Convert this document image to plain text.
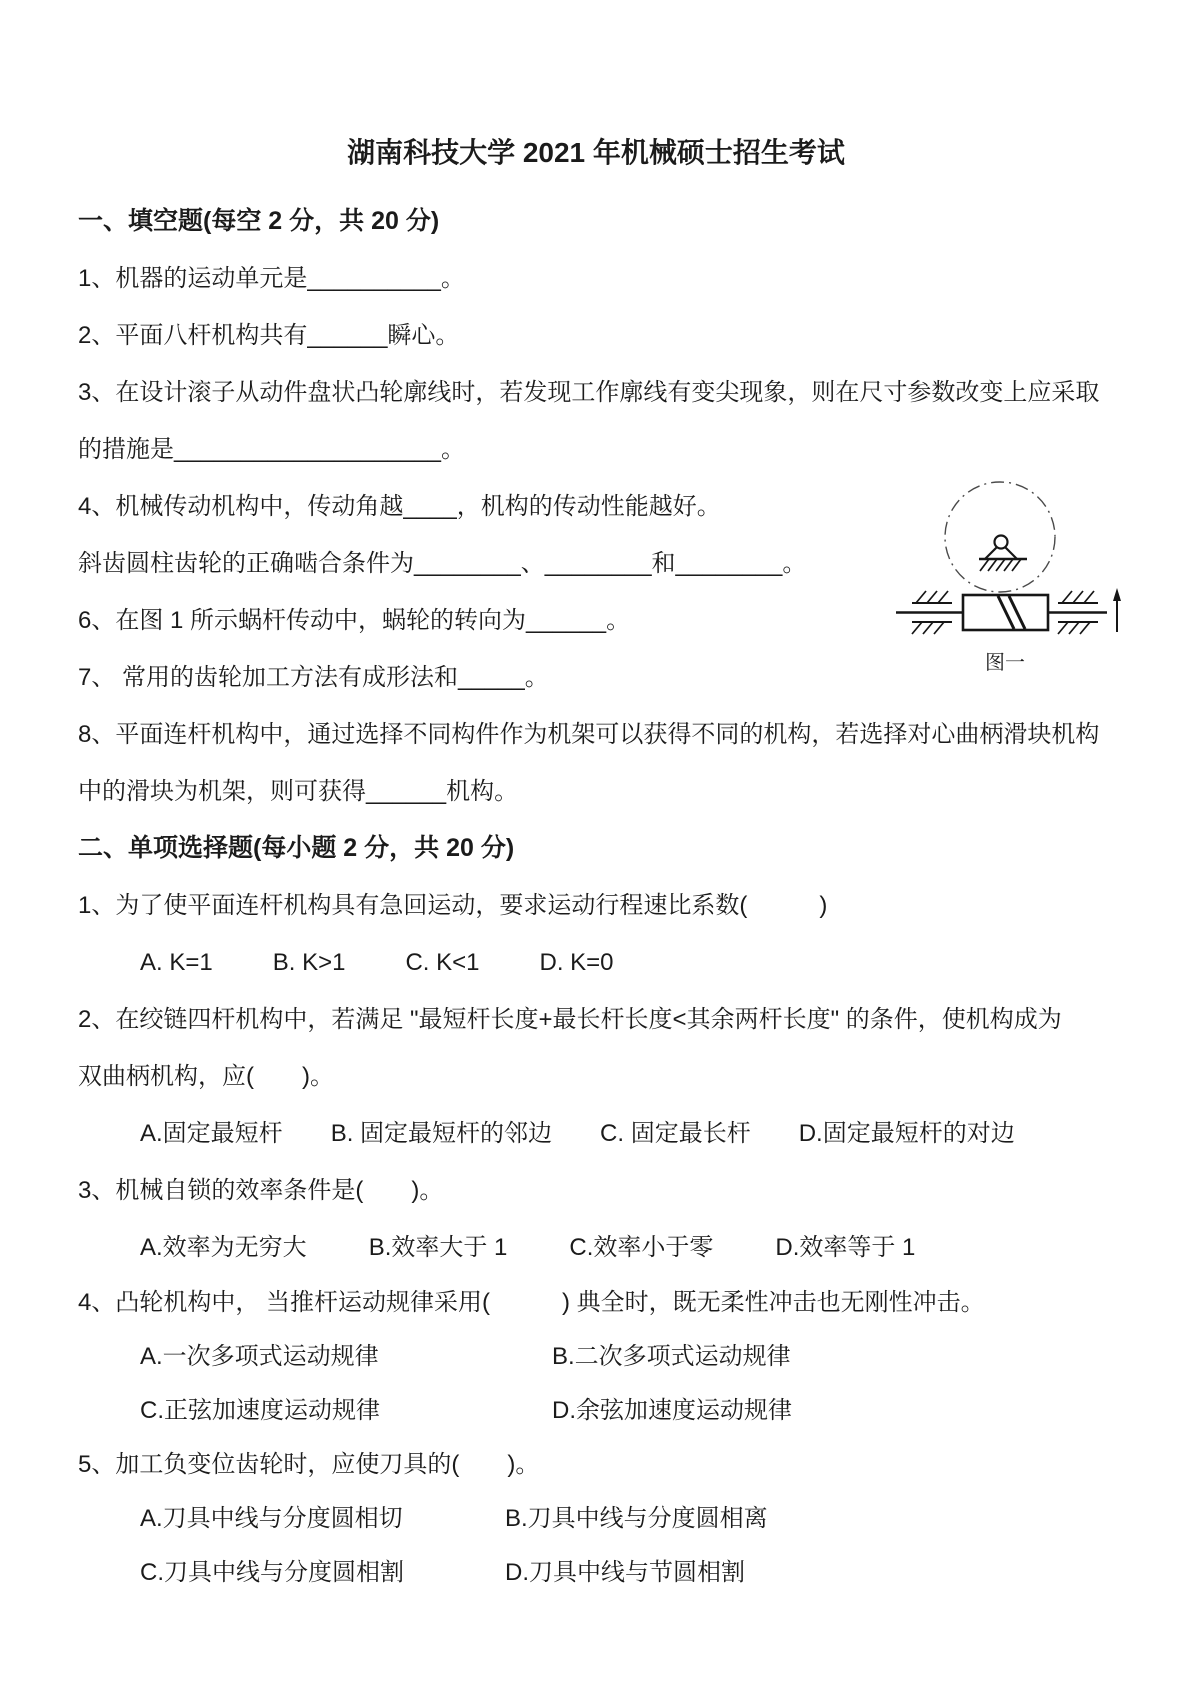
湖南科技大学 2021 年机械硕士招生考试
一、填空题(每空 2 分，共 20 分)
1、机器的运动单元是__________。
2、平面八杆机构共有______瞬心。
3、在设计滚子从动件盘状凸轮廓线时，若发现工作廓线有变尖现象，则在尺寸参数改变上应采取
的措施是____________________。
4、机械传动机构中，传动角越____，机构的传动性能越好。
斜齿圆柱齿轮的正确啮合条件为________、________和________。
6、在图 1 所示蜗杆传动中，蜗轮的转向为______。
7、 常用的齿轮加工方法有成形法和_____。
8、平面连杆机构中，通过选择不同构件作为机架可以获得不同的机构，若选择对心曲柄滑块机构
中的滑块为机架，则可获得______机构。
二、单项选择题(每小题 2 分，共 20 分)
1、为了使平面连杆机构具有急回运动，要求运动行程速比系数(　　　)
A. K=1	B. K>1	C. K<1	D. K=0
2、在绞链四杆机构中，若满足 "最短杆长度+最长杆长度<其余两杆长度" 的条件，使机构成为
双曲柄机构，应(　　)。
A.固定最短杆 B. 固定最短杆的邻边 C. 固定最长杆 D.固定最短杆的对边
3、机械自锁的效率条件是(　　)。
A.效率为无穷大	B.效率大于 1	C.效率小于零	D.效率等于 1
4、凸轮机构中， 当推杆运动规律采用(　　　) 典全时，既无柔性冲击也无刚性冲击。
A.一次多项式运动规律	B.二次多项式运动规律
C.正弦加速度运动规律	D.余弦加速度运动规律
5、加工负变位齿轮时，应使刀具的(　　)。
A.刀具中线与分度圆相切	B.刀具中线与分度圆相离
C.刀具中线与分度圆相割	D.刀具中线与节圆相割
图一
